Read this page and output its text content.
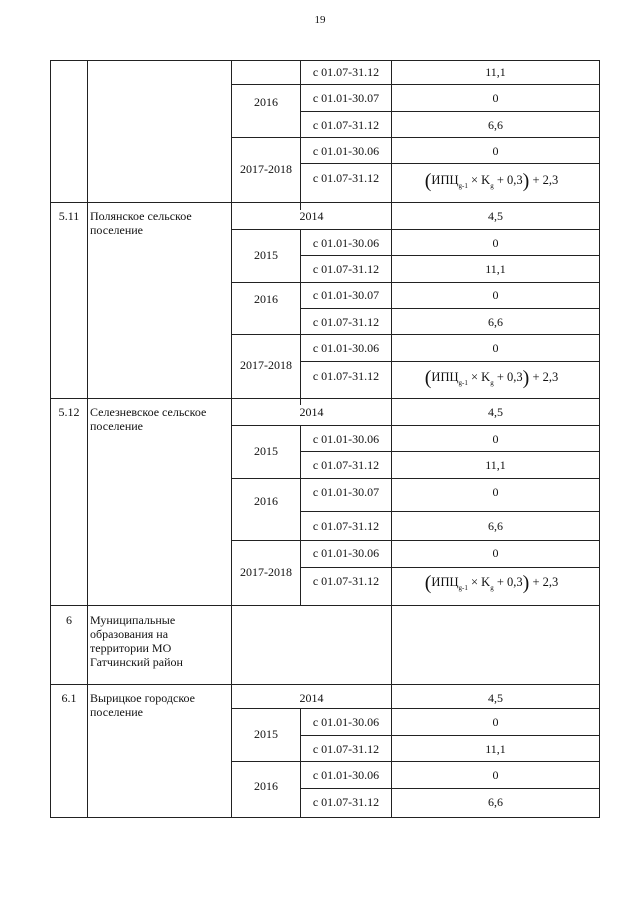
19
с 01.07-31.12	11,1
2016	с 01.01-30.07	0
с 01.07-31.12	6,6
2017-2018
с 01.01-30.06	0
с 01.07-31.12	$(ИПЦ_{g-1} \times K_g + 0,3) + 2,3$
5.11 Полянское сельское поселение
2014	4,5
2015
с 01.01-30.06	0
с 01.07-31.12	11,1
2016	с 01.01-30.07	0
с 01.07-31.12	6,6
2017-2018
с 01.01-30.06	0
с 01.07-31.12	$(ИПЦ_{g-1} \times K_g + 0,3) + 2,3$
5.12 Селезневское сельское поселение
2014	4,5
2015
с 01.01-30.06	0
с 01.07-31.12	11,1
2016
с 01.01-30.07	0
с 01.07-31.12	6,6
2017-2018
с 01.01-30.06	0
с 01.07-31.12	$(ИПЦ_{g-1} \times K_g + 0,3) + 2,3$
6	Муниципальные образования на территории МО Гатчинский район
6.1	Вырицкое городское поселение
2014	4,5
2015
с 01.01-30.06	0
с 01.07-31.12	11,1
2016
с 01.01-30.06	0
с 01.07-31.12	6,6
